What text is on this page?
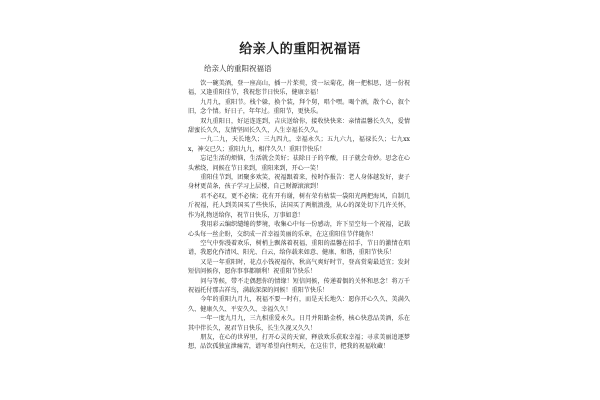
给亲人的重阳祝福语
给亲人的重阳祝福语

饮一碗美酒，登一座高山，插一片茱萸，赏一坛菊花，掬一把相思，送一份祝福，又逢重阳佳节，我祝您节日快乐，健康幸福！

九月九，重阳节。栈个躲，换个装，拜个舅，唱个嘿。喝个酒，散个心，叙个旧，念个情。好日子，年年过。重阳节，更快乐。

双九重阳日，好运连连到，吉庆送给你，接收快快来：亲情温馨长久久，爱情甜蜜长久久，友情坚固长久久，人生幸福长久久。

一九二九，天长地久；三九四九，幸福永久；五九六九，福禄长久；七九xxx，神交已久；重阳九九，相伴久久！重阳节快乐！

忘记生活的烦恼，生活就会美好；祛除日子的辛酸，日子就会奇妙。思念在心头萦绕，问候在节日来到，重阳来到，开心一笑！

重阳佳节到，团聚多欢笑，祝福跟着来，按时作报告：老人身体越发好，妻子身材更苗条，孩子学习上层楼，自己财源滚滚到！

君不必叹，更不必恼；花有开有谢，树有荣有枯装一袋阳光两把海风，自制几斤祝福，托人到美国买了些快乐，法国买了两瓶浪漫，从心的深处切下几许关怀，作为礼物送给你，祝节日快乐，万事如意！

我用彩云编织缱绻的梦境，收集心中每一份感动，许下星空每一个祝福，记载心头每一丝企盼，交织成一首幸福美丽的乐章，在这重阳佳节伴随你！

空气中弥漫着欢乐，树梢上飘落着祝福，重阳的温馨在招手，节日的激情在唱谱，我愿化作清风、阳光、白云，给你载来如意、健康、和谐，重阳节快乐！

又是一年重阳时，花点小钱祝福你，秋高气爽好时节，登高赏菊最适宜；发封短信问候你，愿你事事都顺利！祝重阳节快乐！

问与等候，带不走偶想你的情缘！短信问候，传递着偶的关怀和思念！将万千祝福托付那吉祥鸟，满载深深的问候！重阳节快乐！

今年的重阳九月九，祝福不要一时有，而是天长地久：愿你开心久久、美满久久、健康久久、平安久久、幸福久久！

一年一度九月九，三九相重爱永久。日月并阳路金桥，核心快意品美酒，乐在其中伴长久，祝君节日快乐，长生久视又久久！

朋友，在心的世界里，打开心灵的天窗，释放欢乐获取幸福；寻求美丽追逐梦想，品饮孤独宣泄痛苦，谱写希望向往明天，在这佳节，把我的祝福收藏！
